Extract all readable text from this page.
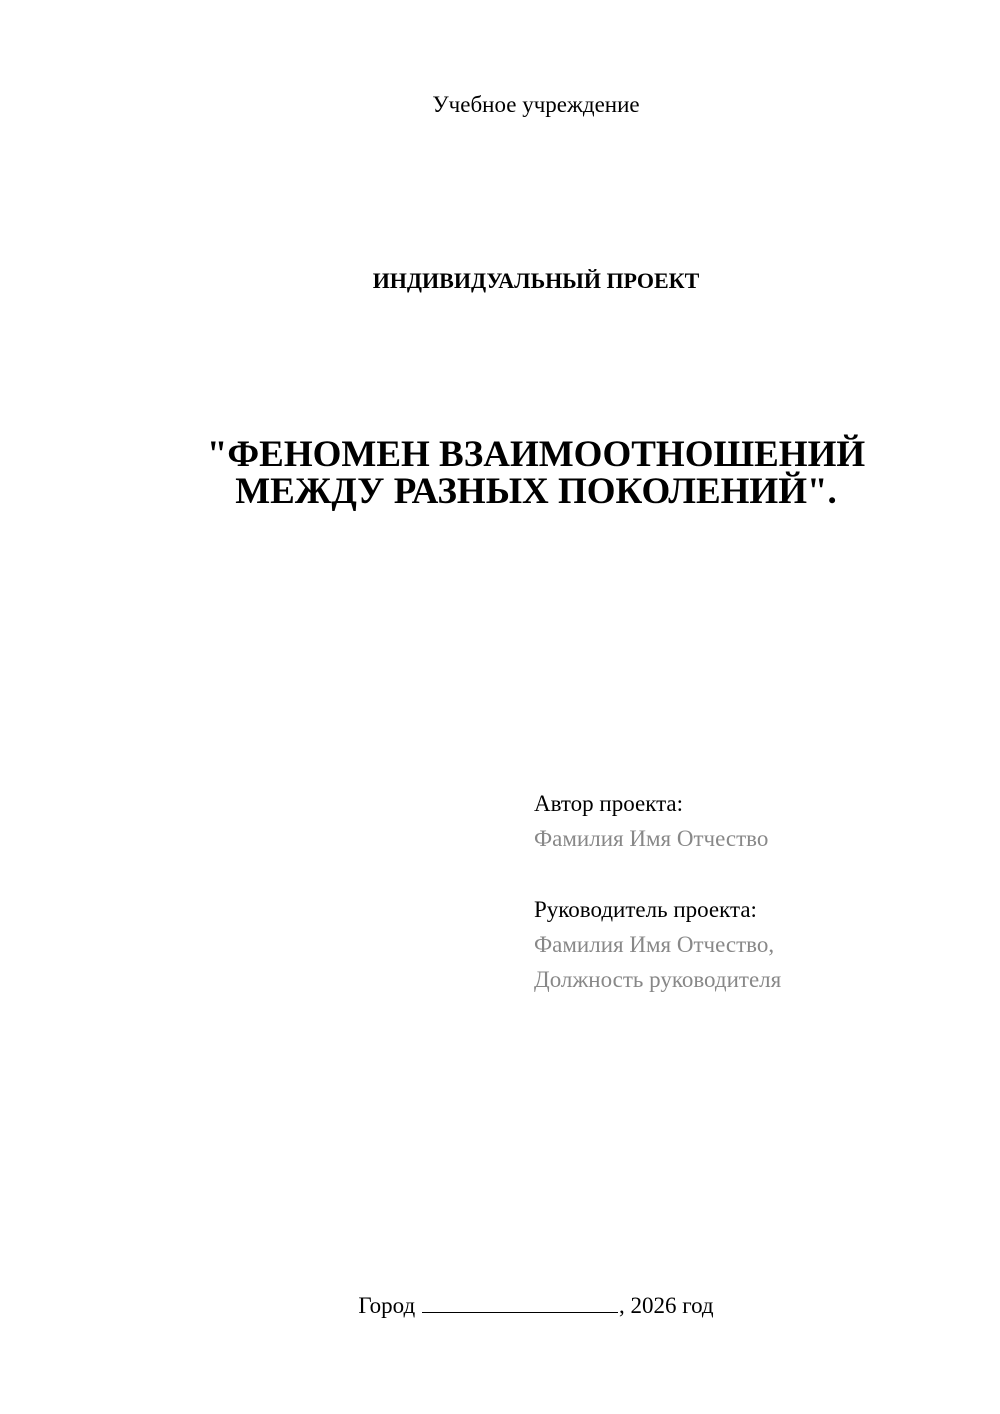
Учебное учреждение
ИНДИВИДУАЛЬНЫЙ ПРОЕКТ
"ФЕНОМЕН ВЗАИМООТНОШЕНИЙ
МЕЖДУ РАЗНЫХ ПОКОЛЕНИЙ".
Автор проекта:
Фамилия Имя Отчество
Руководитель проекта:
Фамилия Имя Отчество,
Должность руководителя
Город	, 2026 год
